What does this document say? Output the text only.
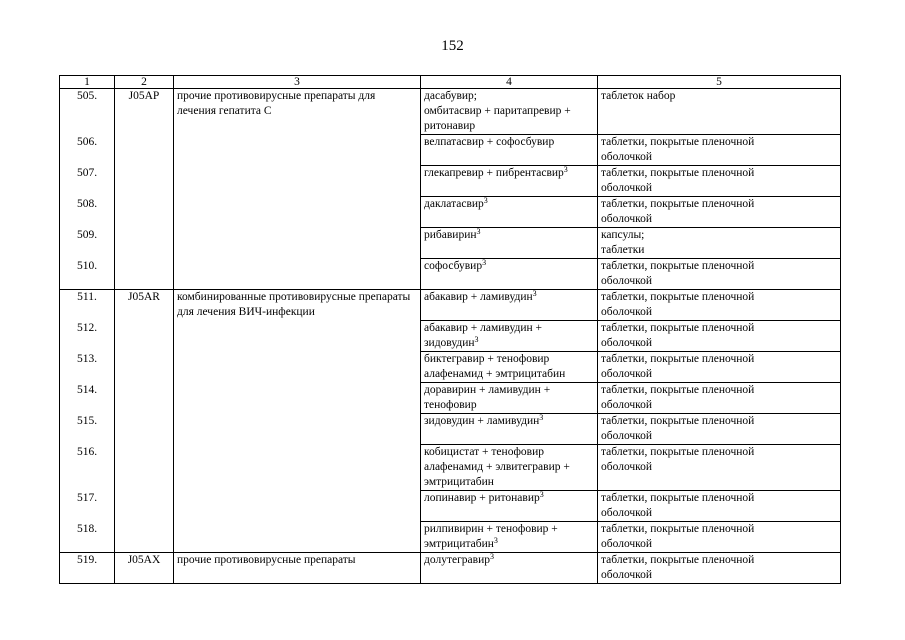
152
1	2	3	4	5
505.	J05AP	прочие противовирусные препараты для лечения гепатита C	дасабувир;
омбитасвир + паритапревир +
ритонавир	таблеток набор

506.			велпатасвир + софосбувир	таблетки, покрытые пленочной
оболочкой

507.			глекапревир + пибрентасвир$^3$	таблетки, покрытые пленочной
оболочкой

508.			даклатасвир$^3$	таблетки, покрытые пленочной
оболочкой

509.			рибавирин$^3$	капсулы;
таблетки

510.			софосбувир$^3$	таблетки, покрытые пленочной
оболочкой

511.	J05AR	комбинированные противовирусные препараты для лечения ВИЧ-инфекции	абакавир + ламивудин$^3$	таблетки, покрытые пленочной
оболочкой

512.			абакавир + ламивудин +
зидовудин$^3$	таблетки, покрытые пленочной
оболочкой

513.			биктегравир + тенофовир
алафенамид + эмтрицитабин	таблетки, покрытые пленочной
оболочкой

514.			доравирин + ламивудин +
тенофовир	таблетки, покрытые пленочной
оболочкой

515.			зидовудин + ламивудин$^3$	таблетки, покрытые пленочной
оболочкой

516.			кобицистат + тенофовир
алафенамид + элвитегравир +
эмтрицитабин	таблетки, покрытые пленочной
оболочкой

517.			лопинавир + ритонавир$^3$	таблетки, покрытые пленочной
оболочкой

518.			рилпивирин + тенофовир +
эмтрицитабин$^3$	таблетки, покрытые пленочной
оболочкой

519.	J05AX	прочие противовирусные препараты	долутегравир$^3$	таблетки, покрытые пленочной
оболочкой
